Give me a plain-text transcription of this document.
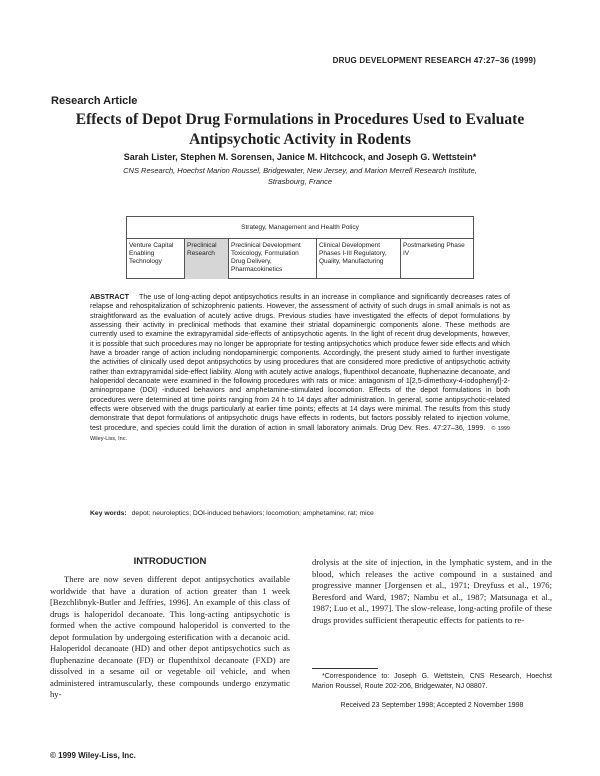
DRUG DEVELOPMENT RESEARCH 47:27–36 (1999)
Research Article
Effects of Depot Drug Formulations in Procedures Used to Evaluate Antipsychotic Activity in Rodents
Sarah Lister, Stephen M. Sorensen, Janice M. Hitchcock, and Joseph G. Wettstein*
CNS Research, Hoechst Marion Roussel, Bridgewater, New Jersey, and Marion Merrell Research Institute, Strasbourg, France
Strategy, Management and Health Policy
Venture Capital Enabling Technology
Preclinical Research
Preclinical Development Toxicology, Formulation Drug Delivery, Pharmacokinetics
Clinical Development Phases I-III Regulatory, Quality, Manufacturing
Postmarketing Phase IV

ABSTRACT The use of long-acting depot antipsychotics results in an increase in compliance and significantly decreases rates of relapse and rehospitalization of schizophrenic patients. However, the assessment of activity of such drugs in small animals is not as straightforward as the evaluation of acutely active drugs. Previous studies have investigated the effects of depot formulations by assessing their activity in preclinical methods that examine their striatal dopaminergic components alone. These methods are currently used to examine the extrapyramidal side-effects of antipsychotic agents. In the light of recent drug developments, however, it is possible that such procedures may no longer be appropriate for testing antipsychotics which produce fewer side effects and which have a broader range of action including nondopaminergic components. Accordingly, the present study aimed to further investigate the activities of clinically used depot antipsychotics by using procedures that are considered more predictive of antipsychotic activity rather than extrapyramidal side-effect liability. Along with acutely active analogs, flupenthixol decanoate, fluphenazine decanoate, and haloperidol decanoate were examined in the following procedures with rats or mice: antagonism of 1[2,5-dimethoxy-4-iodophenyl]-2-aminopropane (DOI) -induced behaviors and amphetamine-stimulated locomotion. Effects of the depot formulations in both procedures were determined at time points ranging from 24 h to 14 days after administration. In general, some antipsychotic-related effects were observed with the drugs particularly at earlier time points; effects at 14 days were minimal. The results from this study demonstrate that depot formulations of antipsychotic drugs have effects in rodents, but factors possibly related to injection volume, test procedure, and species could limit the duration of action in small laboratory animals. Drug Dev. Res. 47:27–36, 1999. © 1999 Wiley-Liss, Inc.

Key words: depot; neuroleptics; DOI-induced behaviors; locomotion; amphetamine; rat; mice
INTRODUCTION

There are now seven different depot antipsychotics available worldwide that have a duration of action greater than 1 week [Bezchlibnyk-Butler and Jeffries, 1996]. An example of this class of drugs is haloperidol decanoate. This long-acting antipsychotic is formed when the active compound haloperidol is converted to the depot formulation by undergoing esterification with a decanoic acid. Haloperidol decanoate (HD) and other depot antipsychotics such as fluphenazine decanoate (FD) or flupenthixol decanoate (FXD) are dissolved in a sesame oil or vegetable oil vehicle, and when administered intramuscularly, these compounds undergo enzymatic hy-

drolysis at the site of injection, in the lymphatic system, and in the blood, which releases the active compound in a sustained and progressive manner [Jorgensen et al., 1971; Dreyfuss et al., 1976; Beresford and Ward, 1987; Nambu et al., 1987; Matsunaga et al., 1987; Luo et al., 1997]. The slow-release, long-acting profile of these drugs provides sufficient therapeutic effects for patients to re-

*Correspondence to: Joseph G. Wettstein, CNS Research, Hoechst Marion Roussel, Route 202-206, Bridgewater, NJ 08807.

Received 23 September 1998; Accepted 2 November 1998
© 1999 Wiley-Liss, Inc.
